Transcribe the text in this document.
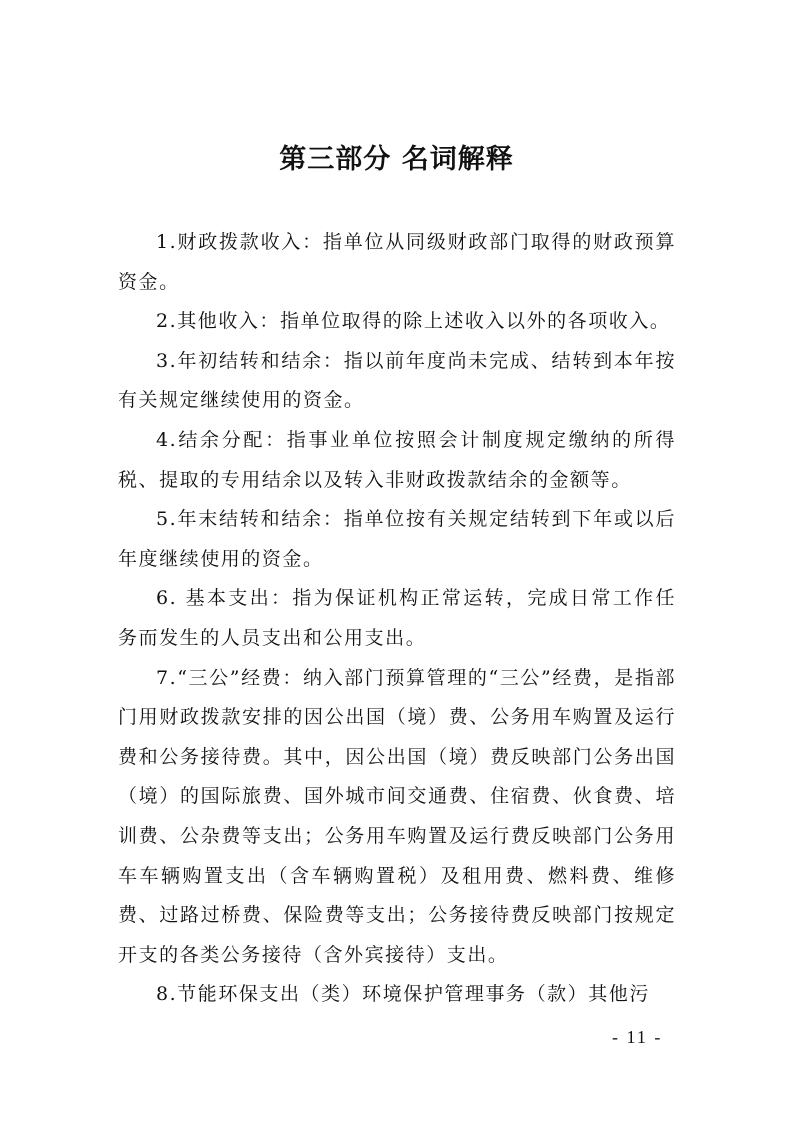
第三部分 名词解释

1.财政拨款收入：指单位从同级财政部门取得的财政预算资金。

2.其他收入：指单位取得的除上述收入以外的各项收入。

3.年初结转和结余：指以前年度尚未完成、结转到本年按有关规定继续使用的资金。

4.结余分配：指事业单位按照会计制度规定缴纳的所得税、提取的专用结余以及转入非财政拨款结余的金额等。

5.年末结转和结余：指单位按有关规定结转到下年或以后年度继续使用的资金。

6. 基本支出：指为保证机构正常运转，完成日常工作任务而发生的人员支出和公用支出。

7.“三公”经费：纳入部门预算管理的“三公”经费，是指部门用财政拨款安排的因公出国（境）费、公务用车购置及运行费和公务接待费。其中，因公出国（境）费反映部门公务出国（境）的国际旅费、国外城市间交通费、住宿费、伙食费、培训费、公杂费等支出；公务用车购置及运行费反映部门公务用车车辆购置支出（含车辆购置税）及租用费、燃料费、维修费、过路过桥费、保险费等支出；公务接待费反映部门按规定开支的各类公务接待（含外宾接待）支出。

8.节能环保支出（类）环境保护管理事务（款）其他污

- 11 -
